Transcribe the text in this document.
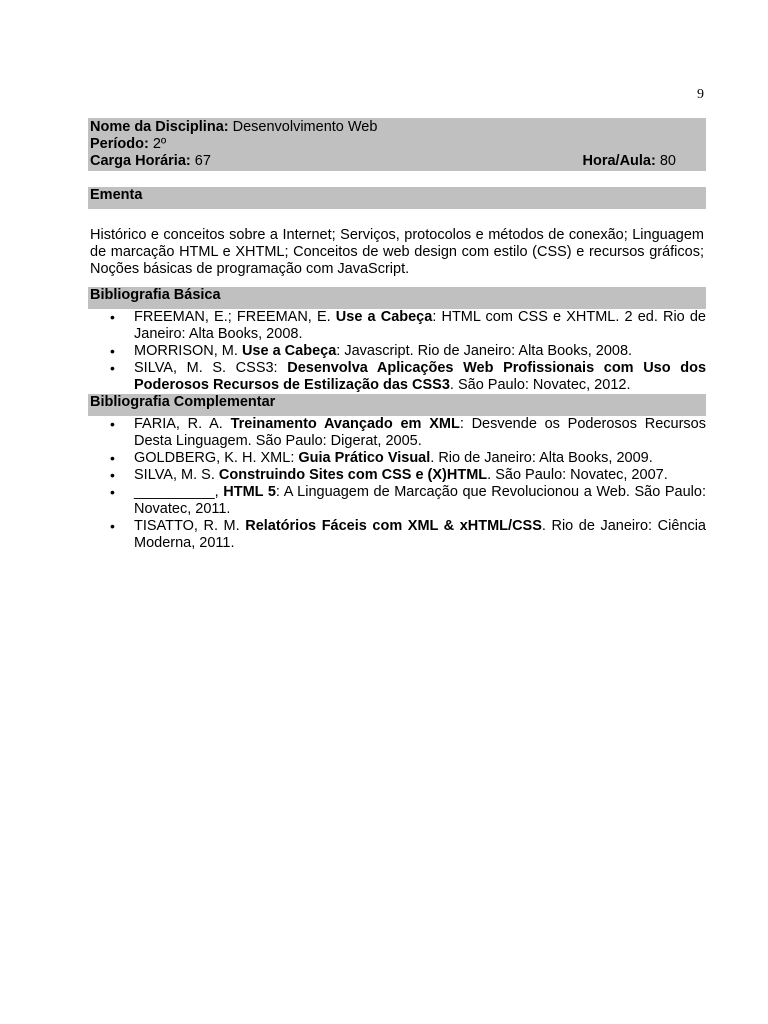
9
Nome da Disciplina: Desenvolvimento Web
Período: 2º
Carga Horária: 67	Hora/Aula: 80
Ementa
Histórico e conceitos sobre a Internet; Serviços, protocolos e métodos de conexão; Linguagem de marcação HTML e XHTML; Conceitos de web design com estilo (CSS) e recursos gráficos; Noções básicas de programação com JavaScript.
Bibliografia Básica
• FREEMAN, E.; FREEMAN, E. Use a Cabeça: HTML com CSS e XHTML. 2 ed. Rio de Janeiro: Alta Books, 2008.
• MORRISON, M. Use a Cabeça: Javascript. Rio de Janeiro: Alta Books, 2008.
• SILVA, M. S. CSS3: Desenvolva Aplicações Web Profissionais com Uso dos Poderosos Recursos de Estilização das CSS3. São Paulo: Novatec, 2012.
Bibliografia Complementar
• FARIA, R. A. Treinamento Avançado em XML: Desvende os Poderosos Recursos Desta Linguagem. São Paulo: Digerat, 2005.
• GOLDBERG, K. H. XML: Guia Prático Visual. Rio de Janeiro: Alta Books, 2009.
• SILVA, M. S. Construindo Sites com CSS e (X)HTML. São Paulo: Novatec, 2007.
• __________, HTML 5: A Linguagem de Marcação que Revolucionou a Web. São Paulo: Novatec, 2011.
• TISATTO, R. M. Relatórios Fáceis com XML & xHTML/CSS. Rio de Janeiro: Ciência Moderna, 2011.
